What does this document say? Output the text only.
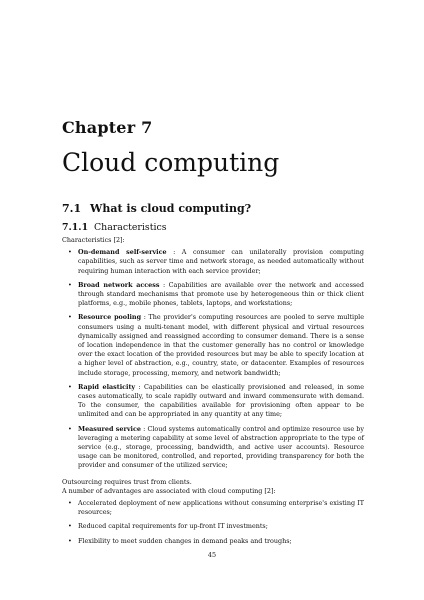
Chapter 7
Cloud computing
7.1 What is cloud computing?
7.1.1 Characteristics

Characteristics [2]:

• On-demand self-service : A consumer can unilaterally provision computing capabilities, such as server time and network storage, as needed automatically without requiring human interaction with each service provider;
• Broad network access : Capabilities are available over the network and accessed through standard mechanisms that promote use by heterogeneous thin or thick client platforms, e.g., mobile phones, tablets, laptops, and workstations;
• Resource pooling : The provider's computing resources are pooled to serve multiple consumers using a multi-tenant model, with different physical and virtual resources dynamically assigned and reassigned according to consumer demand. There is a sense of location independence in that the customer generally has no control or knowledge over the exact location of the provided resources but may be able to specify location at a higher level of abstraction, e.g., country, state, or datacenter. Examples of resources include storage, processing, memory, and network bandwidth;
• Rapid elasticity : Capabilities can be elastically provisioned and released, in some cases automatically, to scale rapidly outward and inward commensurate with demand. To the consumer, the capabilities available for provisioning often appear to be unlimited and can be appropriated in any quantity at any time;
• Measured service : Cloud systems automatically control and optimize resource use by leveraging a metering capability at some level of abstraction appropriate to the type of service (e.g., storage, processing, bandwidth, and active user accounts). Resource usage can be monitored, controlled, and reported, providing transparency for both the provider and consumer of the utilized service;

Outsourcing requires trust from clients.

A number of advantages are associated with cloud computing [2]:

• Accelerated deployment of new applications without consuming enterprise's existing IT resources;
• Reduced capital requirements for up-front IT investments;
• Flexibility to meet sudden changes in demand peaks and troughs;
45
